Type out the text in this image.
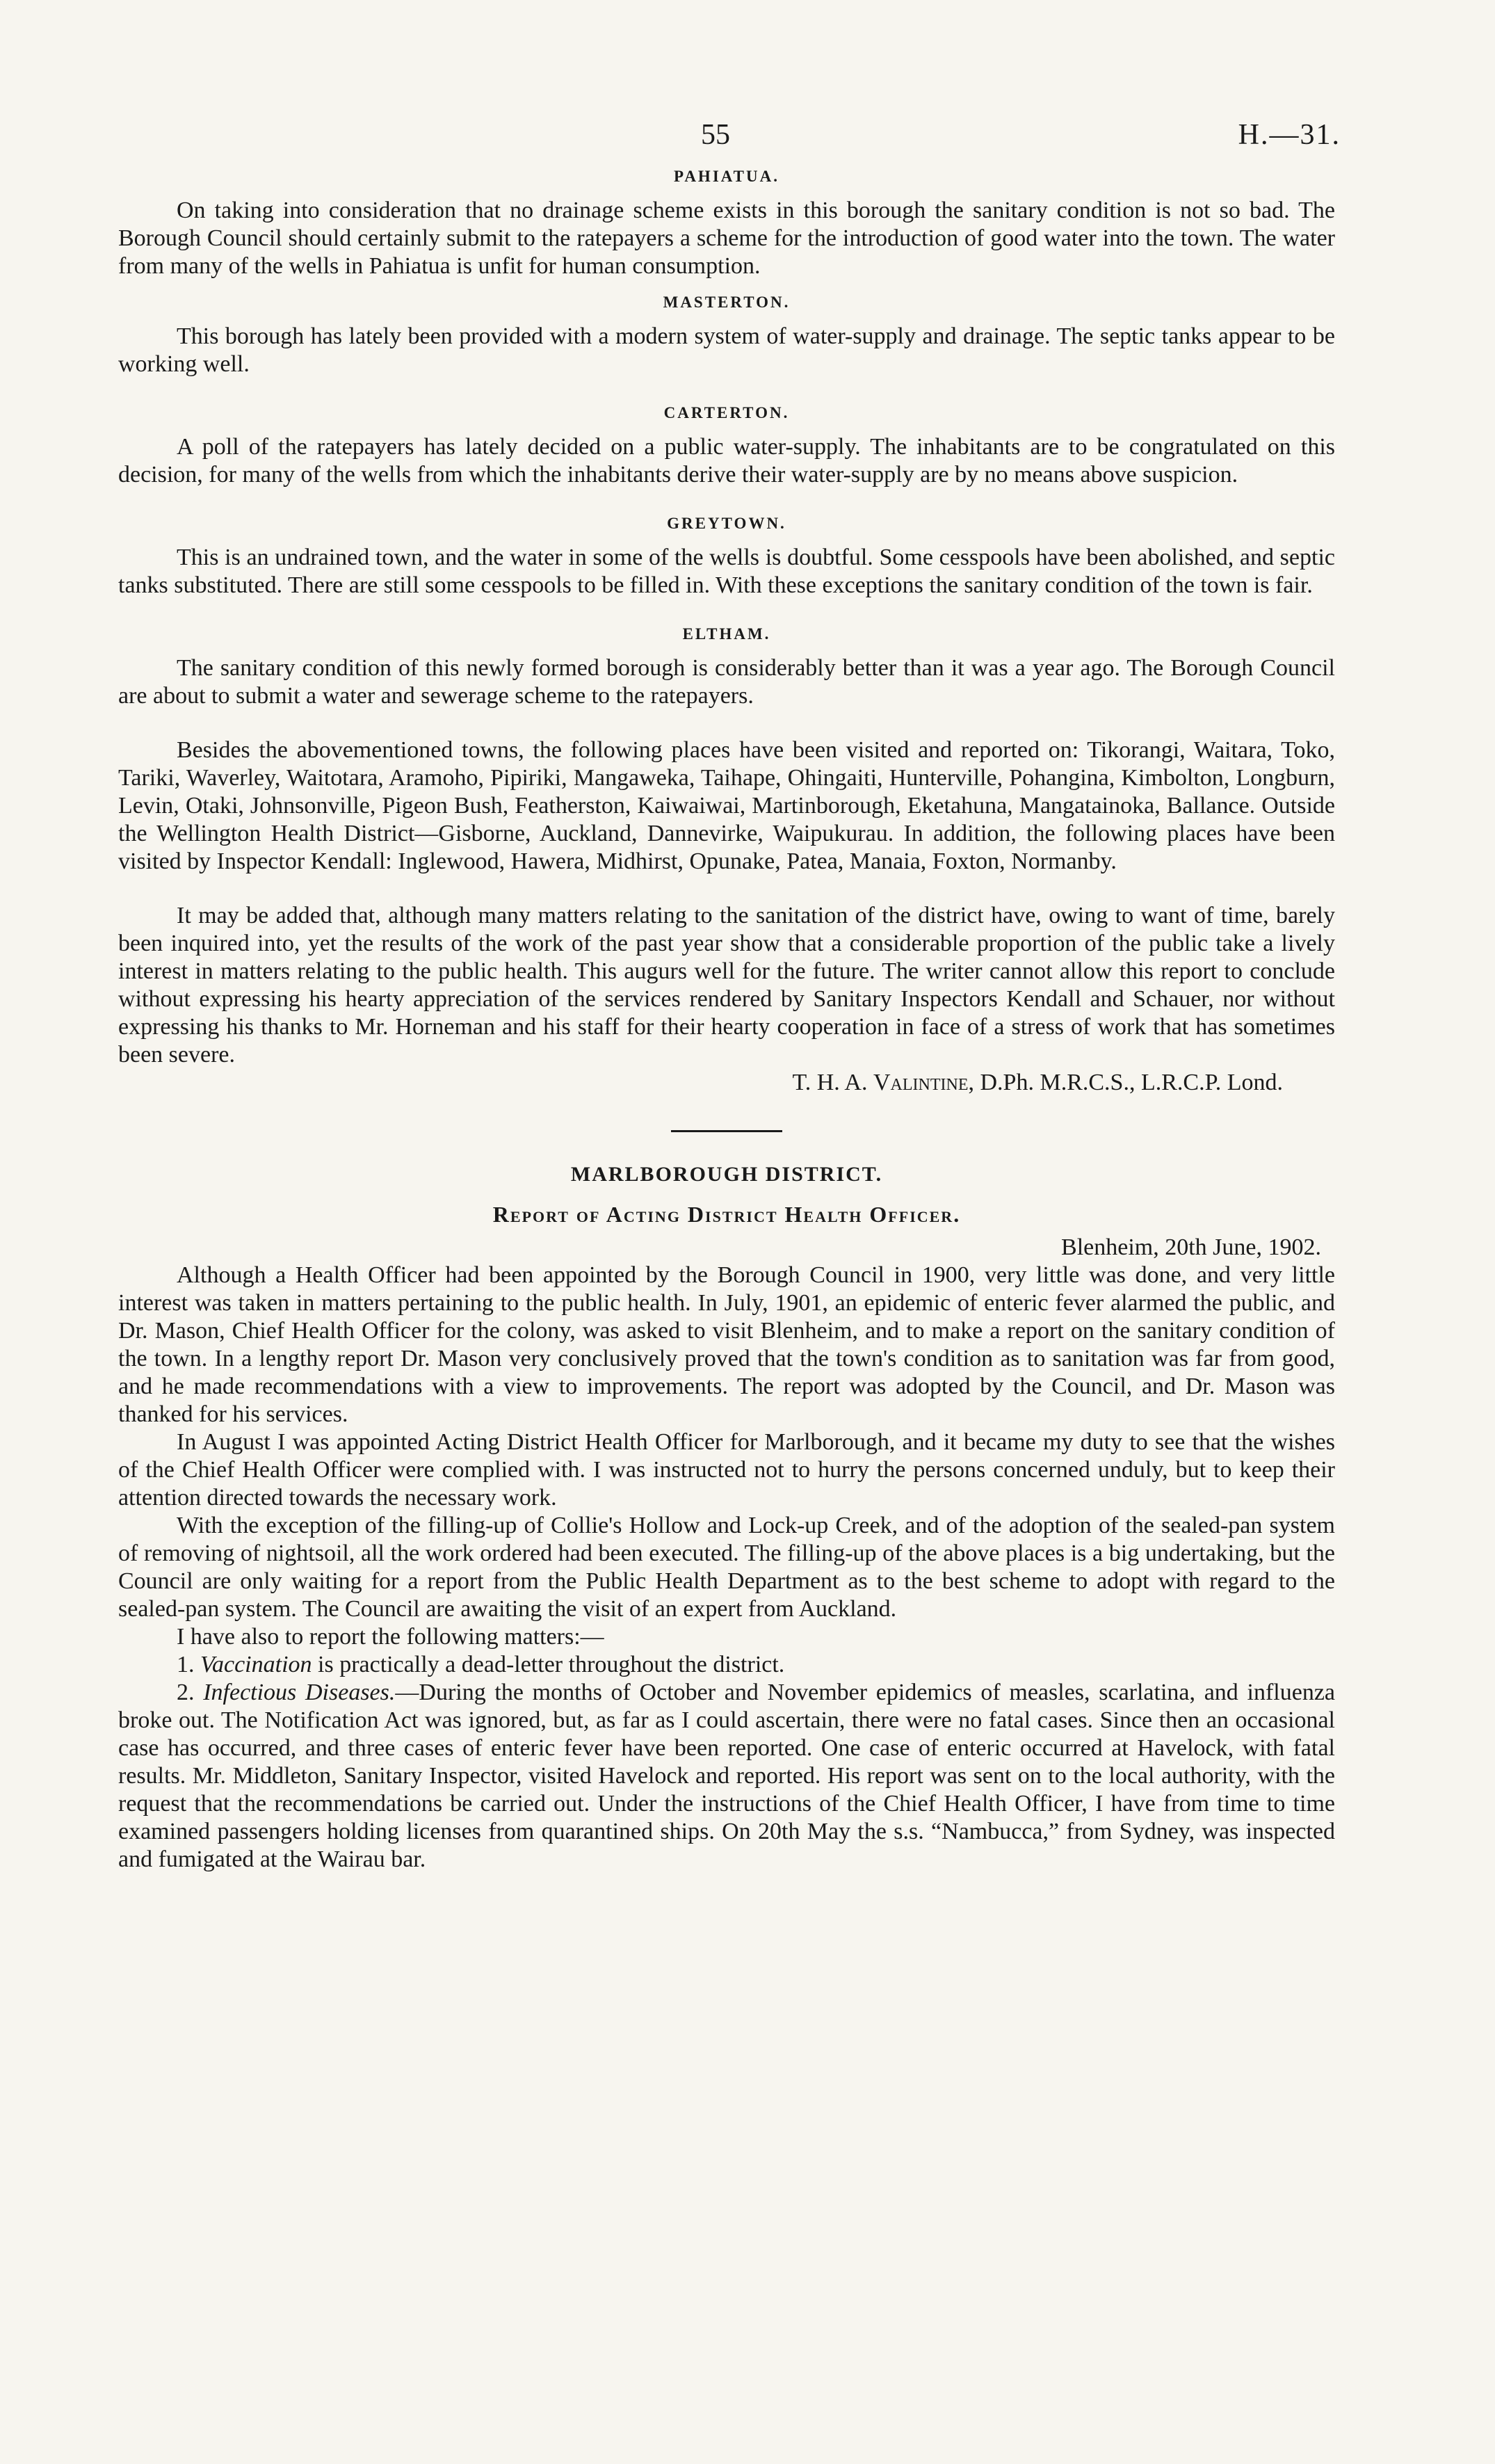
55	H.—31.
PAHIATUA.

On taking into consideration that no drainage scheme exists in this borough the sanitary condition is not so bad. The Borough Council should certainly submit to the ratepayers a scheme for the introduction of good water into the town. The water from many of the wells in Pahiatua is unfit for human consumption.

MASTERTON.

This borough has lately been provided with a modern system of water-supply and drainage. The septic tanks appear to be working well.

CARTERTON.

A poll of the ratepayers has lately decided on a public water-supply. The inhabitants are to be congratulated on this decision, for many of the wells from which the inhabitants derive their water-supply are by no means above suspicion.

GREYTOWN.

This is an undrained town, and the water in some of the wells is doubtful. Some cesspools have been abolished, and septic tanks substituted. There are still some cesspools to be filled in. With these exceptions the sanitary condition of the town is fair.

ELTHAM.

The sanitary condition of this newly formed borough is considerably better than it was a year ago. The Borough Council are about to submit a water and sewerage scheme to the ratepayers.

Besides the abovementioned towns, the following places have been visited and reported on: Tikorangi, Waitara, Toko, Tariki, Waverley, Waitotara, Aramoho, Pipiriki, Mangaweka, Taihape, Ohingaiti, Hunterville, Pohangina, Kimbolton, Longburn, Levin, Otaki, Johnsonville, Pigeon Bush, Featherston, Kaiwaiwai, Martinborough, Eketahuna, Mangatainoka, Ballance. Outside the Wellington Health District—Gisborne, Auckland, Dannevirke, Waipukurau. In addition, the following places have been visited by Inspector Kendall: Inglewood, Hawera, Midhirst, Opunake, Patea, Manaia, Foxton, Normanby.

It may be added that, although many matters relating to the sanitation of the district have, owing to want of time, barely been inquired into, yet the results of the work of the past year show that a considerable proportion of the public take a lively interest in matters relating to the public health. This augurs well for the future. The writer cannot allow this report to conclude without expressing his hearty appreciation of the services rendered by Sanitary Inspectors Kendall and Schauer, nor without expressing his thanks to Mr. Horneman and his staff for their hearty cooperation in face of a stress of work that has sometimes been severe.

T. H. A. Valintine, D.Ph. M.R.C.S., L.R.C.P. Lond.
MARLBOROUGH DISTRICT.
Report of Acting District Health Officer.
Blenheim, 20th June, 1902.

Although a Health Officer had been appointed by the Borough Council in 1900, very little was done, and very little interest was taken in matters pertaining to the public health. In July, 1901, an epidemic of enteric fever alarmed the public, and Dr. Mason, Chief Health Officer for the colony, was asked to visit Blenheim, and to make a report on the sanitary condition of the town. In a lengthy report Dr. Mason very conclusively proved that the town's condition as to sanitation was far from good, and he made recommendations with a view to improvements. The report was adopted by the Council, and Dr. Mason was thanked for his services.

In August I was appointed Acting District Health Officer for Marlborough, and it became my duty to see that the wishes of the Chief Health Officer were complied with. I was instructed not to hurry the persons concerned unduly, but to keep their attention directed towards the necessary work.

With the exception of the filling-up of Collie's Hollow and Lock-up Creek, and of the adoption of the sealed-pan system of removing of nightsoil, all the work ordered had been executed. The filling-up of the above places is a big undertaking, but the Council are only waiting for a report from the Public Health Department as to the best scheme to adopt with regard to the sealed-pan system. The Council are awaiting the visit of an expert from Auckland.

I have also to report the following matters:—

1. Vaccination is practically a dead-letter throughout the district.

2. Infectious Diseases.—During the months of October and November epidemics of measles, scarlatina, and influenza broke out. The Notification Act was ignored, but, as far as I could ascertain, there were no fatal cases. Since then an occasional case has occurred, and three cases of enteric fever have been reported. One case of enteric occurred at Havelock, with fatal results. Mr. Middleton, Sanitary Inspector, visited Havelock and reported. His report was sent on to the local authority, with the request that the recommendations be carried out. Under the instructions of the Chief Health Officer, I have from time to time examined passengers holding licenses from quarantined ships. On 20th May the s.s. “Nambucca,” from Sydney, was inspected and fumigated at the Wairau bar.
